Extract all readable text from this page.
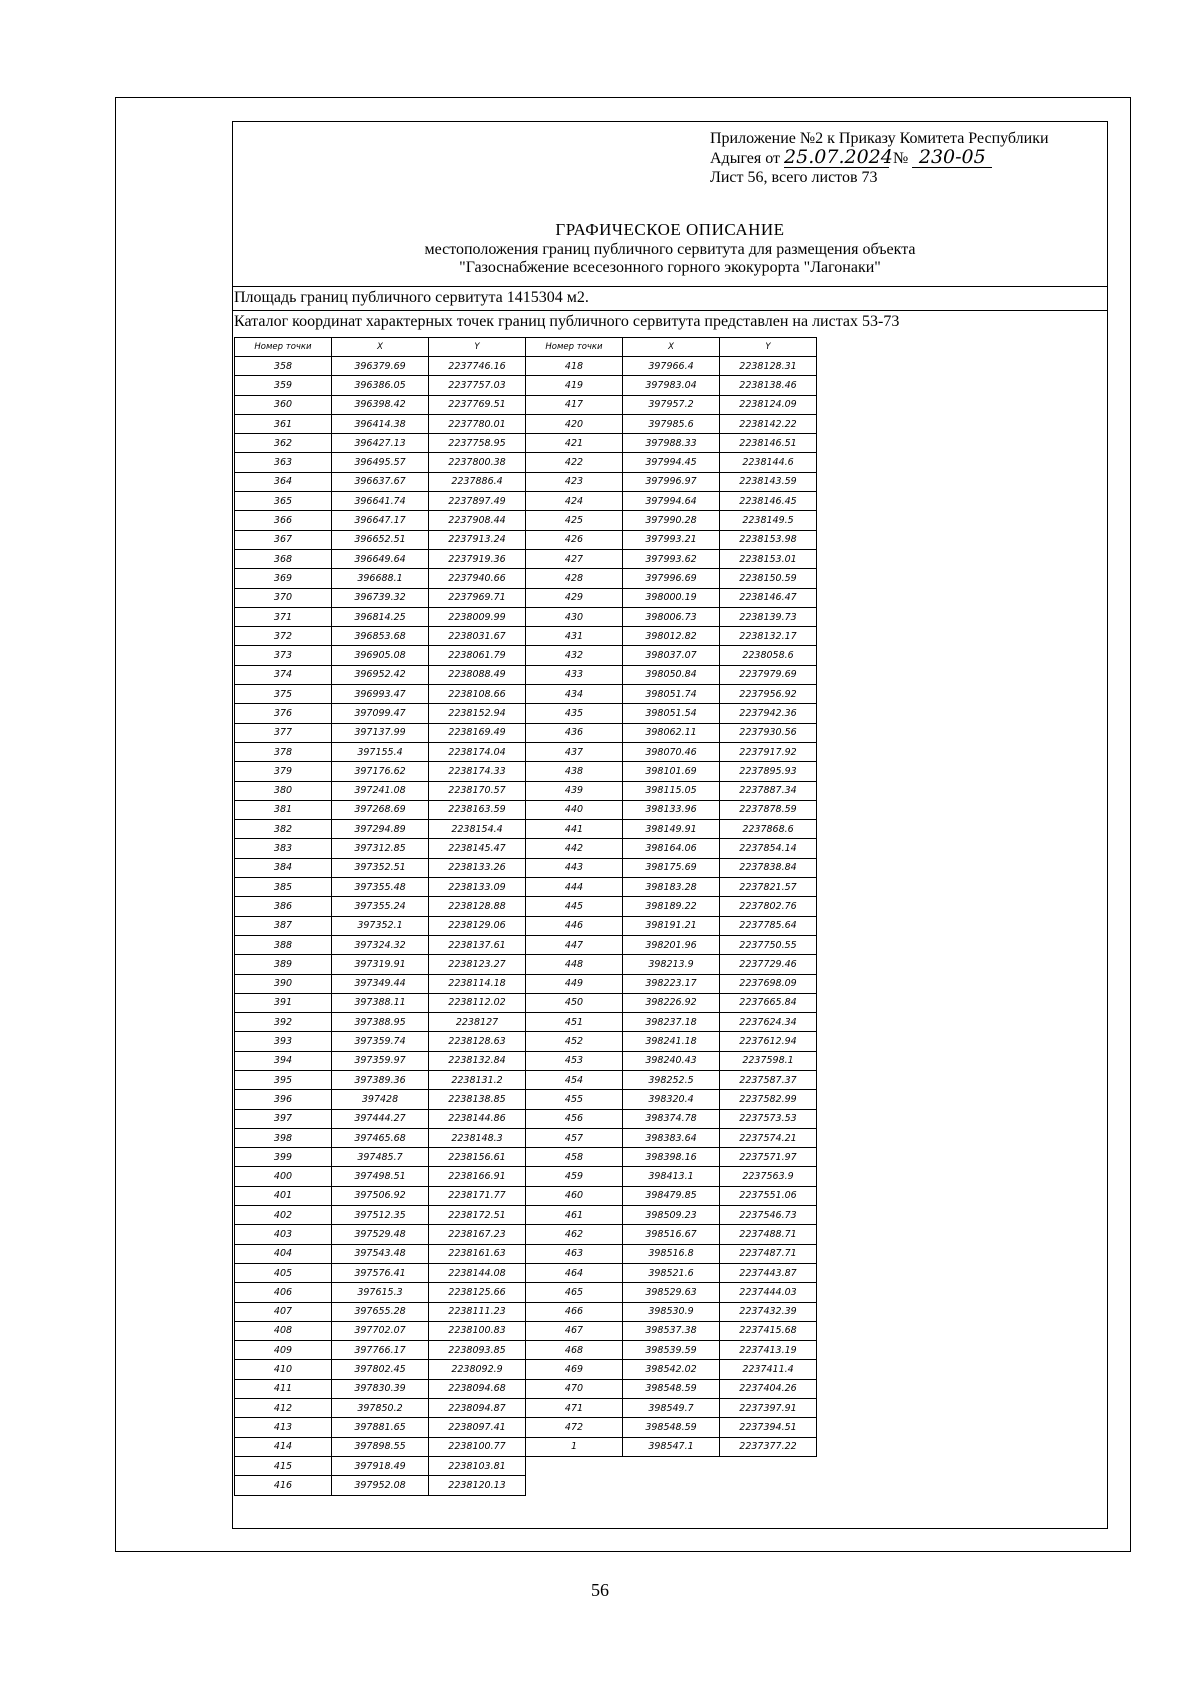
Приложение №2 к Приказу Комитета Республики
Адыгея от 25.07.2024 № 230-05
Лист 56, всего листов 73
ГРАФИЧЕСКОЕ ОПИСАНИЕ
местоположения границ публичного сервитута для размещения объекта
"Газоснабжение всесезонного горного экокурорта "Лагонаки"
Площадь границ публичного сервитута 1415304 м2.
Каталог координат характерных точек границ публичного сервитута представлен на листах 53-73
Номер точки	X	Y	Номер точки	X	Y
358	396379.69	2237746.16	418	397966.4	2238128.31
359	396386.05	2237757.03	419	397983.04	2238138.46
360	396398.42	2237769.51	417	397957.2	2238124.09
361	396414.38	2237780.01	420	397985.6	2238142.22
362	396427.13	2237758.95	421	397988.33	2238146.51
363	396495.57	2237800.38	422	397994.45	2238144.6
364	396637.67	2237886.4	423	397996.97	2238143.59
365	396641.74	2237897.49	424	397994.64	2238146.45
366	396647.17	2237908.44	425	397990.28	2238149.5
367	396652.51	2237913.24	426	397993.21	2238153.98
368	396649.64	2237919.36	427	397993.62	2238153.01
369	396688.1	2237940.66	428	397996.69	2238150.59
370	396739.32	2237969.71	429	398000.19	2238146.47
371	396814.25	2238009.99	430	398006.73	2238139.73
372	396853.68	2238031.67	431	398012.82	2238132.17
373	396905.08	2238061.79	432	398037.07	2238058.6
374	396952.42	2238088.49	433	398050.84	2237979.69
375	396993.47	2238108.66	434	398051.74	2237956.92
376	397099.47	2238152.94	435	398051.54	2237942.36
377	397137.99	2238169.49	436	398062.11	2237930.56
378	397155.4	2238174.04	437	398070.46	2237917.92
379	397176.62	2238174.33	438	398101.69	2237895.93
380	397241.08	2238170.57	439	398115.05	2237887.34
381	397268.69	2238163.59	440	398133.96	2237878.59
382	397294.89	2238154.4	441	398149.91	2237868.6
383	397312.85	2238145.47	442	398164.06	2237854.14
384	397352.51	2238133.26	443	398175.69	2237838.84
385	397355.48	2238133.09	444	398183.28	2237821.57
386	397355.24	2238128.88	445	398189.22	2237802.76
387	397352.1	2238129.06	446	398191.21	2237785.64
388	397324.32	2238137.61	447	398201.96	2237750.55
389	397319.91	2238123.27	448	398213.9	2237729.46
390	397349.44	2238114.18	449	398223.17	2237698.09
391	397388.11	2238112.02	450	398226.92	2237665.84
392	397388.95	2238127	451	398237.18	2237624.34
393	397359.74	2238128.63	452	398241.18	2237612.94
394	397359.97	2238132.84	453	398240.43	2237598.1
395	397389.36	2238131.2	454	398252.5	2237587.37
396	397428	2238138.85	455	398320.4	2237582.99
397	397444.27	2238144.86	456	398374.78	2237573.53
398	397465.68	2238148.3	457	398383.64	2237574.21
399	397485.7	2238156.61	458	398398.16	2237571.97
400	397498.51	2238166.91	459	398413.1	2237563.9
401	397506.92	2238171.77	460	398479.85	2237551.06
402	397512.35	2238172.51	461	398509.23	2237546.73
403	397529.48	2238167.23	462	398516.67	2237488.71
404	397543.48	2238161.63	463	398516.8	2237487.71
405	397576.41	2238144.08	464	398521.6	2237443.87
406	397615.3	2238125.66	465	398529.63	2237444.03
407	397655.28	2238111.23	466	398530.9	2237432.39
408	397702.07	2238100.83	467	398537.38	2237415.68
409	397766.17	2238093.85	468	398539.59	2237413.19
410	397802.45	2238092.9	469	398542.02	2237411.4
411	397830.39	2238094.68	470	398548.59	2237404.26
412	397850.2	2238094.87	471	398549.7	2237397.91
413	397881.65	2238097.41	472	398548.59	2237394.51
414	397898.55	2238100.77	1	398547.1	2237377.22
415	397918.49	2238103.81			
416	397952.08	2238120.13			
56
